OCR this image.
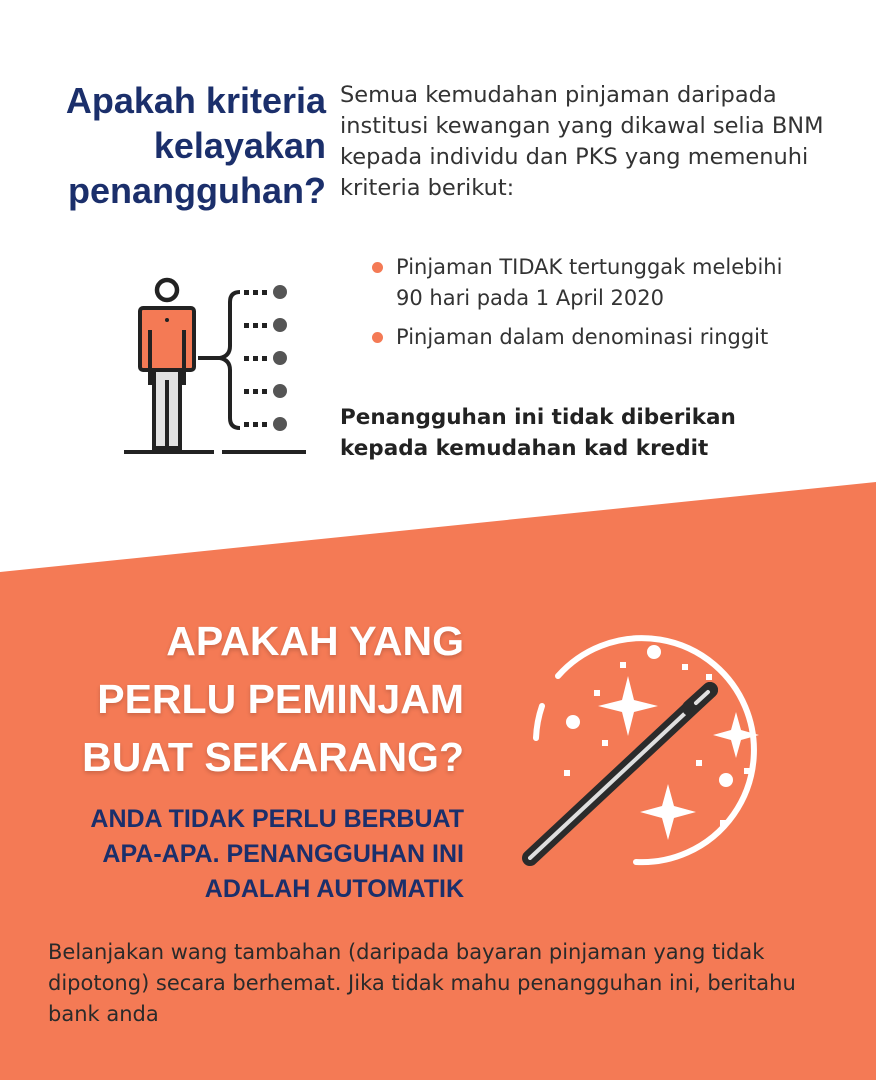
Apakah kriteria
kelayakan
penangguhan?
Semua kemudahan pinjaman daripada institusi kewangan yang dikawal selia BNM kepada individu dan PKS yang memenuhi kriteria berikut:
Pinjaman TIDAK tertunggak melebihi 90 hari pada 1 April 2020
Pinjaman dalam denominasi ringgit
Penangguhan ini tidak diberikan kepada kemudahan kad kredit
APAKAH YANG
PERLU PEMINJAM
BUAT SEKARANG?
ANDA TIDAK PERLU BERBUAT
APA-APA. PENANGGUHAN INI
ADALAH AUTOMATIK
Belanjakan wang tambahan (daripada bayaran pinjaman yang tidak dipotong) secara berhemat. Jika tidak mahu penangguhan ini, beritahu bank anda
